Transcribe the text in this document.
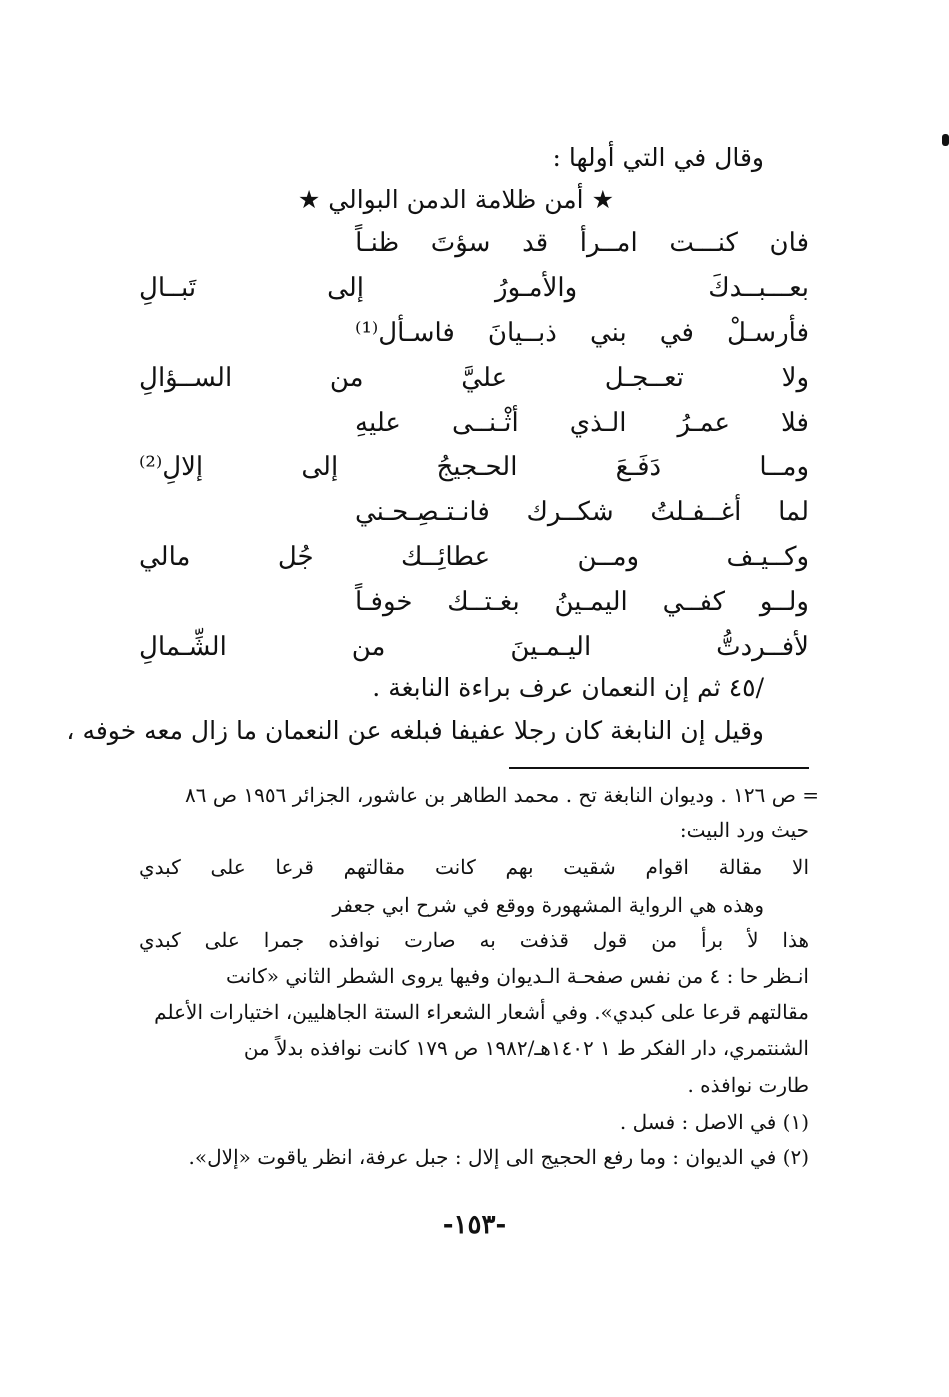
وقال في التي أولها :
★ أمن ظلامة الدمن البوالي ★
فان
كنـــت
امــرأ
قد
سؤتَ
ظنـاً
بعـــبــدكَ
والأمـورُ
إلى
تَبــالِ
فأرسـلْ
في
بني
ذبــيانَ
فاسـأل⁽¹⁾
ولا
تعــجـل
عليَّ
من
الســؤالِ
فلا
عمـرُ
الـذي
أثْـنــى
عليهِ
ومــا
دَفَـعَ
الحـجيجُ
إلى
إلالِ⁽²⁾
لما
أغــفـلتُ
شكــرك
فانـتـصِـحـني
وكــيـف
ومــن
عطائِــك
جُل
مالي
ولــو
كفــي
اليمـينُ
بغـتــك
خوفـاً
لأفــردتُّ
اليـمـينَ
من
الشِّـمالِ
/٤٥ ثم إن النعمان عرف براءة النابغة .
وقيل إن النابغة كان رجلا عفيفا فبلغه عن النعمان ما زال معه خوفه ،
= ص ١٢٦ . وديوان النابغة تح . محمد الطاهر بن عاشور، الجزائر ١٩٥٦ ص ٨٦
حيث ورد البيت:
الا
مقالة
اقوام
شقيت
بهم
كانت
مقالتهم
قرعا
على
كبدي
وهذه هي الرواية المشهورة ووقع في شرح ابي جعفر
هذا
لأ
برأ
من
قول
قذفت
به
صارت
نوافذه
جمرا
على
كبدي
انـظر حا : ٤ من نفس صفحـة الـديوان وفيها يروى الشطر الثاني «كانت
مقالتهم قرعا على كبدي». وفي أشعار الشعراء الستة الجاهليين، اختيارات الأعلم
الشنتمري، دار الفكر ط ١ ١٤٠٢هـ/١٩٨٢ ص ١٧٩ كانت نوافذه بدلاً من
طارت نوافذه .
(١) في الاصل : فسل .
(٢) في الديوان : وما رفع الحجيج الى إلال : جبل عرفة، انظر ياقوت «إلال».
-١٥٣-
